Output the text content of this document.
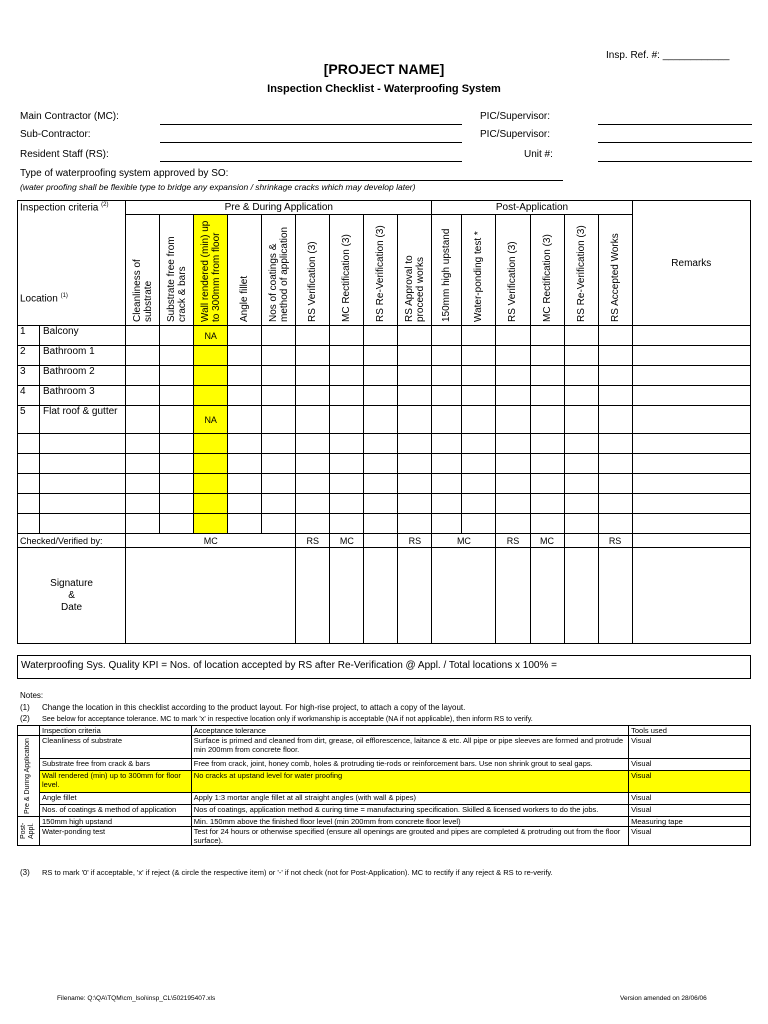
Insp. Ref. #: ____________
[PROJECT NAME]
Inspection Checklist - Waterproofing System
Main Contractor (MC):
Sub-Contractor:
Resident Staff (RS):
PIC/Supervisor:
PIC/Supervisor:
Unit #:
Type of waterproofing system approved by SO:
(water proofing shall be flexible type to bridge any expansion / shrinkage cracks which may develop later)
Inspection criteria $^{(2)}$
Location $^{(1)}$		Pre & During Application									Post-Application						Remarks

		Cleanliness of substrate	Substrate free from crack & bars	Wall rendered (min) up to 300mm from floor	Angle fillet	Nos of coatings & method of application	RS Verification (3)	MC Rectification (3)	RS Re-Verification (3)	RS Approval to proceed works	150mm high upstand	Water-ponding test *	RS Verification (3)	MC Rectification (3)	RS Re-Verification (3)	RS Accepted Works	

1	Balcony			NA													
2	Bathroom 1																
3	Bathroom 2																
4	Bathroom 3																
5	Flat roof & gutter			NA													

Checked/Verified by:		MC					RS	MC		RS	MC		RS	MC		RS	

Signature
&
Date																	

Waterproofing Sys. Quality KPI = Nos. of location accepted by RS after Re-Verification @ Appl. / Total locations x 100% =
Notes:
(1) Change the location in this checklist according to the product layout. For high-rise project, to attach a copy of the layout.
(2) See below for acceptance tolerance. MC to mark 'x' in respective location only if workmanship is acceptable (NA if not applicable), then inform RS to verify.
	Inspection criteria	Acceptance tolerance	Tools used

Pre & During Application	Cleanliness of substrate	Surface is primed and cleaned from dirt, grease, oil efflorescence, laitance & etc. All pipe or pipe sleeves are formed and protrude min 200mm from concrete floor.	Visual
	Substrate free from crack & bars	Free from crack, joint, honey comb, holes & protruding tie-rods or reinforcement bars. Use non shrink grout to seal gaps.	Visual
	Wall rendered (min) up to 300mm for floor level.	No cracks at upstand level for water proofing	Visual
	Angle fillet	Apply 1:3 mortar angle fillet at all straight angles (with wall & pipes)	Visual
	Nos. of coatings & method of application	Nos of coatings, application method & curing time = manufacturing specification. Skilled & licensed workers to do the jobs.	Visual

Post-Appl.	150mm high upstand	Min. 150mm above the finished floor level (min 200mm from concrete floor level)	Measuring tape
	Water-ponding test	Test for 24 hours or otherwise specified (ensure all openings are grouted and pipes are completed & protruding out from the floor surface).	Visual
(3) RS to mark '0' if acceptable, 'x' if reject (& circle the respective item) or '-' if not check (not for Post-Application). MC to rectify if any reject & RS to re-verify.
Filename: Q:\QA\TQM\cm_lsoi\insp_CL\502195407.xls	Version amended on 28/06/06
